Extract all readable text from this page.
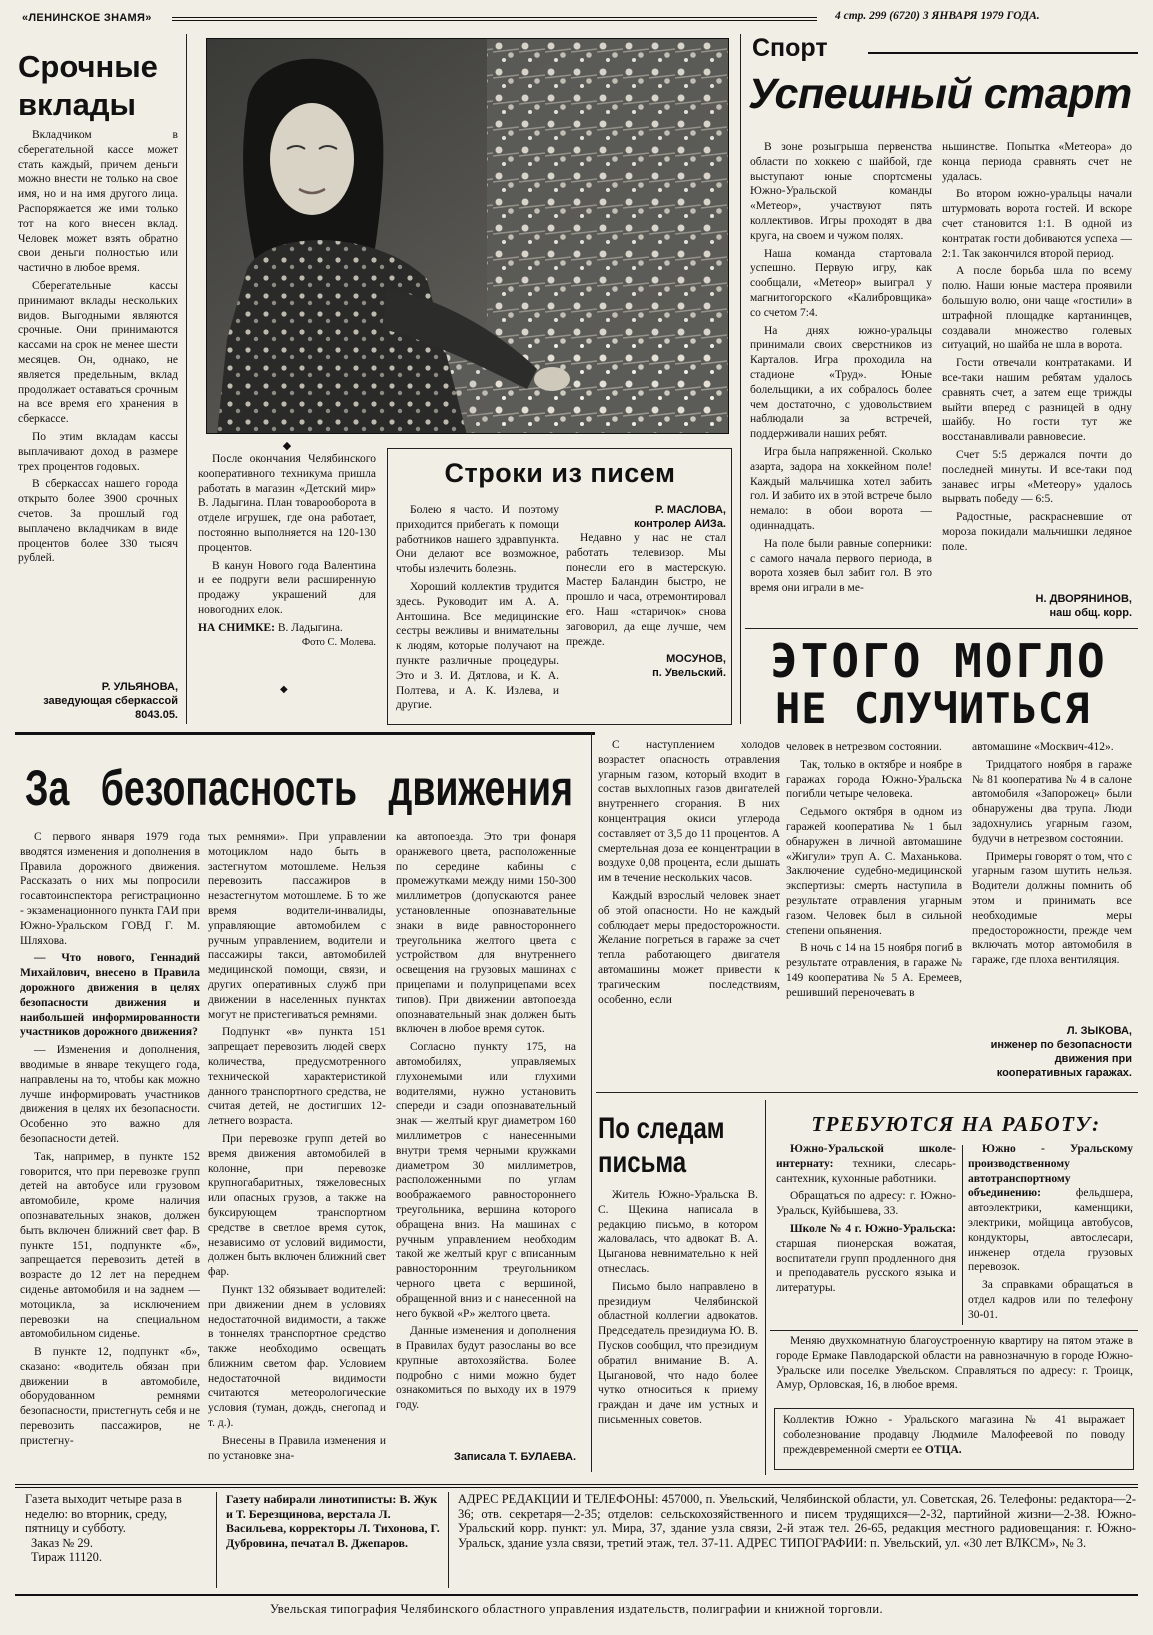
«ЛЕНИНСКОЕ ЗНАМЯ»	4 стр. 299 (6720) 3 ЯНВАРЯ 1979 ГОДА.
Срочные вклады

Вкладчиком в сберегательной кассе может стать каждый, причем деньги можно внести не только на свое имя, но и на имя другого лица. Распоряжается же ими только тот на кого внесен вклад. Человек может взять обратно свои деньги полностью или частично в любое время.

Сберегательные кассы принимают вклады нескольких видов. Выгодными являются срочные. Они принимаются кассами на срок не менее шести месяцев. Он, однако, не является предельным, вклад продолжает оставаться срочным на все время его хранения в сберкассе.

По этим вкладам кассы выплачивают доход в размере трех процентов годовых.

В сберкассах нашего города открыто более 3900 срочных счетов. За прошлый год выплачено вкладчикам в виде процентов более 330 тысяч рублей.

Р. УЛЬЯНОВА,
заведующая сберкассой 8043.05.
◆

После окончания Челябинского кооперативного техникума пришла работать в магазин «Детский мир» В. Ладыгина. План товарооборота в отделе игрушек, где она работает, постоянно выполняется на 120-130 процентов.

В канун Нового года Валентина и ее подруги вели расширенную продажу украшений для новогодних елок.

НА СНИМКЕ: В. Ладыгина.
Фото С. Молева.
◆
Строки из писем

Болею я часто. И поэтому приходится прибегать к помощи работников нашего здравпункта. Они делают все возможное, чтобы излечить болезнь.

Хороший коллектив трудится здесь. Руководит им А. А. Антошина. Все медицинские сестры вежливы и внимательны к людям, которые получают на пункте различные процедуры. Это и З. И. Дятлова, и К. А. Полтева, и А. К. Излева, и другие.

Р. МАСЛОВА,
контролер АИЗа.

Недавно у нас не стал работать телевизор. Мы понесли его в мастерскую. Мастер Баландин быстро, не прошло и часа, отремонтировал его. Наш «старичок» снова заговорил, да еще лучше, чем прежде.

МОСУНОВ,
п. Увельский.
Спорт
Успешный старт

В зоне розыгрыша первенства области по хоккею с шайбой, где выступают юные спортсмены Южно-Уральской команды «Метеор», участвуют пять коллективов. Игры проходят в два круга, на своем и чужом полях.

Наша команда стартовала успешно. Первую игру, как сообщали, «Метеор» выиграл у магнитогорского «Калибровщика» со счетом 7:4.

На днях южно-уральцы принимали своих сверстников из Карталов. Игра проходила на стадионе «Труд». Юные болельщики, а их собралось более чем достаточно, с удовольствием наблюдали за встречей, поддерживали наших ребят.

Игра была напряженной. Сколько азарта, задора на хоккейном поле! Каждый мальчишка хотел забить гол. И забито их в этой встрече было немало: в обои ворота — одиннадцать.

На поле были равные соперники: с самого начала первого периода, в ворота хозяев был забит гол. В это время они играли в ме-

ньшинстве. Попытка «Метеора» до конца периода сравнять счет не удалась.

Во втором южно-уральцы начали штурмовать ворота гостей. И вскоре счет становится 1:1. В одной из контратак гости добиваются успеха — 2:1. Так закончился второй период.

А после борьба шла по всему полю. Наши юные мастера проявили большую волю, они чаще «гостили» в штрафной площадке картанинцев, создавали множество голевых ситуаций, но шайба не шла в ворота.

Гости отвечали контратаками. И все-таки нашим ребятам удалось сравнять счет, а затем еще трижды выйти вперед с разницей в одну шайбу. Но гости тут же восстанавливали равновесие.

Счет 5:5 держался почти до последней минуты. И все-таки под занавес игры «Метеору» удалось вырвать победу — 6:5.

Радостные, раскрасневшие от мороза покидали мальчишки ледяное поле.

Н. ДВОРЯНИНОВ,
наш общ. корр.
ЭТОГО МОГЛО
НЕ СЛУЧИТЬСЯ
За безопасность движения

С первого января 1979 года вводятся изменения и дополнения в Правила дорожного движения. Рассказать о них мы попросили госавтоинспектора регистрационно - экзаменационного пункта ГАИ при Южно-Уральском ГОВД Г. М. Шляхова.

— Что нового, Геннадий Михайлович, внесено в Правила дорожного движения в целях безопасности движения и наибольшей информированности участников дорожного движения?

— Изменения и дополнения, вводимые в январе текущего года, направлены на то, чтобы как можно лучше информировать участников движения в целях их безопасности. Особенно это важно для безопасности детей.

Так, например, в пункте 152 говорится, что при перевозке групп детей на автобусе или грузовом автомобиле, кроме наличия опознавательных знаков, должен быть включен ближний свет фар. В пункте 151, подпункте «б», запрещается перевозить детей в возрасте до 12 лет на переднем сиденье автомобиля и на заднем — мотоцикла, за исключением перевозки на специальном автомобильном сиденье.

В пункте 12, подпункт «б», сказано: «водитель обязан при движении в автомобиле, оборудованном ремнями безопасности, пристегнуть себя и не перевозить пассажиров, не пристегну-

тых ремнями». При управлении мотоциклом надо быть в застегнутом мотошлеме. Нельзя перевозить пассажиров в незастегнутом мотошлеме. Б то же время водители-инвалиды, управляющие автомобилем с ручным управлением, водители и пассажиры такси, автомобилей медицинской помощи, связи, и других оперативных служб при движении в населенных пунктах могут не пристегиваться ремнями.

Подпункт «в» пункта 151 запрещает перевозить людей сверх количества, предусмотренного технической характеристикой данного транспортного средства, не считая детей, не достигших 12-летнего возраста.

При перевозке групп детей во время движения автомобилей в колонне, при перевозке крупногабаритных, тяжеловесных или опасных грузов, а также на буксирующем транспортном средстве в светлое время суток, независимо от условий видимости, должен быть включен ближний свет фар.

Пункт 132 обязывает водителей: при движении днем в условиях недостаточной видимости, а также в тоннелях транспортное средство также необходимо освещать ближним светом фар. Условием недостаточной видимости считаются метеорологические условия (туман, дождь, снегопад и т. д.).

Внесены в Правила изменения и по установке зна-

ка автопоезда. Это три фонаря оранжевого цвета, расположенные по середине кабины с промежутками между ними 150-300 миллиметров (допускаются ранее установленные опознавательные знаки в виде равностороннего треугольника желтого цвета с устройством для внутреннего освещения на грузовых машинах с прицепами и полуприцепами всех типов). При движении автопоезда опознавательный знак должен быть включен в любое время суток.

Согласно пункту 175, на автомобилях, управляемых глухонемыми или глухими водителями, нужно установить спереди и сзади опознавательный знак — желтый круг диаметром 160 миллиметров с нанесенными внутри тремя черными кружками диаметром 30 миллиметров, расположенными по углам воображаемого равностороннего треугольника, вершина которого обращена вниз. На машинах с ручным управлением необходим такой же желтый круг с вписанным равносторонним треугольником черного цвета с вершиной, обращенной вниз и с нанесенной на него буквой «Р» желтого цвета.

Данные изменения и дополнения в Правилах будут разосланы во все крупные автохозяйства. Более подробно с ними можно будет ознакомиться по выходу их в 1979 году.

Записала Т. БУЛАЕВА.

С наступлением холодов возрастет опасность отравления угарным газом, который входит в состав выхлопных газов двигателей внутреннего сгорания. В них концентрация окиси углерода составляет от 3,5 до 11 процентов. А смертельная доза ее концентрации в воздухе 0,08 процента, если дышать им в течение нескольких часов.

Каждый взрослый человек знает об этой опасности. Но не каждый соблюдает меры предосторожности. Желание погреться в гараже за счет тепла работающего двигателя автомашины может привести к трагическим последствиям, особенно, если

человек в нетрезвом состоянии.

Так, только в октябре и ноябре в гаражах города Южно-Уральска погибли четыре человека.

Седьмого октября в одном из гаражей кооператива № 1 был обнаружен в личной автомашине «Жигули» труп А. С. Маханькова. Заключение судебно-медицинской экспертизы: смерть наступила в результате отравления угарным газом. Человек был в сильной степени опьянения.

В ночь с 14 на 15 ноября погиб в результате отравления, в гараже № 149 кооператива № 5 А. Еремеев, решивший переночевать в

автомашине «Москвич-412».

Тридцатого ноября в гараже № 81 кооператива № 4 в салоне автомобиля «Запорожец» были обнаружены два трупа. Люди задохнулись угарным газом, будучи в нетрезвом состоянии.

Примеры говорят о том, что с угарным газом шутить нельзя. Водители должны помнить об этом и принимать все необходимые меры предосторожности, прежде чем включать мотор автомобиля в гараже, где плоха вентиляция.

Л. ЗЫКОВА,
инженер по безопасности движения при кооперативных гаражах.
По следам письма

Житель Южно-Уральска В. С. Щекина написала в редакцию письмо, в котором жаловалась, что адвокат В. А. Цыганова невнимательно к ней отнеслась.

Письмо было направлено в президиум Челябинской областной коллегии адвокатов. Председатель президиума Ю. В. Пусков сообщил, что президиум обратил внимание В. А. Цыгановой, что надо более чутко относиться к приему граждан и даче им устных и письменных советов.

ТРЕБУЮТСЯ НА РАБОТУ:

Южно-Уральской школе-интернату: техники, слесарь-сантехник, кухонные работники.

Обращаться по адресу: г. Южно-Уральск, Куйбышева, 33.

Школе № 4 г. Южно-Уральска: старшая пионерская вожатая, воспитатели групп продленного дня и преподаватель русского языка и литературы.

Южно - Уральскому производственному автотранспортному объединению: фельдшера, автоэлектрики, каменщики, электрики, мойщица автобусов, кондукторы, автослесари, инженер отдела грузовых перевозок.

За справками обращаться в отдел кадров или по телефону 30-01.

Меняю двухкомнатную благоустроенную квартиру на пятом этаже в городе Ермаке Павлодарской области на равнозначную в городе Южно-Уральске или поселке Увельском. Справляться по адресу: г. Троицк, Амур, Орловская, 16, в любое время.

Коллектив Южно - Уральского магазина № 41 выражает соболезнование продавцу Людмиле Малофеевой по поводу преждевременной смерти ее ОТЦА.
Газета выходит четыре раза в неделю: во вторник, среду, пятницу и субботу.
Заказ № 29.
Тираж 11120.
Газету набирали линотиписты: В. Жук и Т. Березщинова, верстала Л. Васильева, корректоры Л. Тихонова, Г. Дубровина, печатал В. Джепаров.
АДРЕС РЕДАКЦИИ И ТЕЛЕФОНЫ: 457000, п. Увельский, Челябинской области, ул. Советская, 26. Телефоны: редактора—2-36; отв. секретаря—2-35; отделов: сельскохозяйственного и писем трудящихся—2-32, партийной жизни—2-38. Южно-Уральский корр. пункт: ул. Мира, 37, здание узла связи, 2-й этаж тел. 26-65, редакция местного радиовещания: г. Южно-Уральск, здание узла связи, третий этаж, тел. 37-11. АДРЕС ТИПОГРАФИИ: п. Увельский, ул. «30 лет ВЛКСМ», № 3.
Увельская типография Челябинского областного управления издательств, полиграфии и книжной торговли.
